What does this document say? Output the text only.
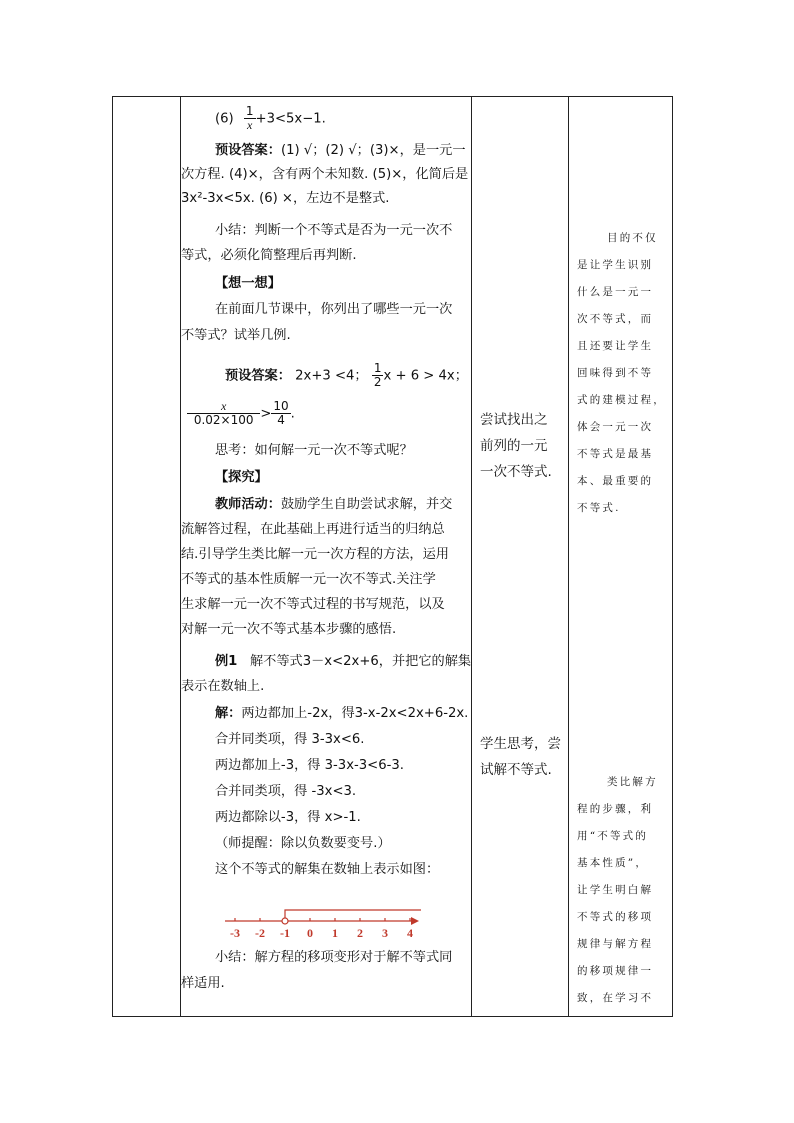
$(6) \frac{1}{x} +3<5x-1$.
预设答案：(1) √；(2) √；(3)×，是一元一
次方程. (4)×，含有两个未知数. (5)×，化简后是
3x²-3x<5x. (6) ×，左边不是整式.
小结：判断一个不等式是否为一元一次不
等式，必须化简整理后再判断.
【想一想】
在前面几节课中，你列出了哪些一元一次
不等式？试举几例.
预设答案： 2x+3 <4； $\frac{1}{2}$ x + 6 > 4x；
$\frac{x}{0.02\times 100} > \frac{10}{4}$ .
思考：如何解一元一次不等式呢？
【探究】
教师活动：鼓励学生自助尝试求解，并交
流解答过程，在此基础上再进行适当的归纳总
结.引导学生类比解一元一次方程的方法，运用
不等式的基本性质解一元一次不等式.关注学
生求解一元一次不等式过程的书写规范，以及
对解一元一次不等式基本步骤的感悟.
例1 解不等式3－x<2x+6，并把它的解集
表示在数轴上.
解：两边都加上-2x，得3-x-2x<2x+6-2x.
合并同类项，得 3-3x<6.
两边都加上-3，得 3-3x-3<6-3.
合并同类项，得 -3x<3.
两边都除以-3，得 x>-1.
（师提醒：除以负数要变号.）
这个不等式的解集在数轴上表示如图：
-3 -2 -1 0 1 2 3 4
小结：解方程的移项变形对于解不等式同
样适用.
尝试找出之
前列的一元
一次不等式.
学生思考，尝
试解不等式.
目的不仅
是让学生识别
什么是一元一
次不等式，而
且还要让学生
回味得到不等
式的建模过程，
体会一元一次
不等式是最基
本、最重要的
不等式.
类比解方
程的步骤，利
用“不等式的
基本性质”，
让学生明白解
不等式的移项
规律与解方程
的移项规律一
致，在学习不
